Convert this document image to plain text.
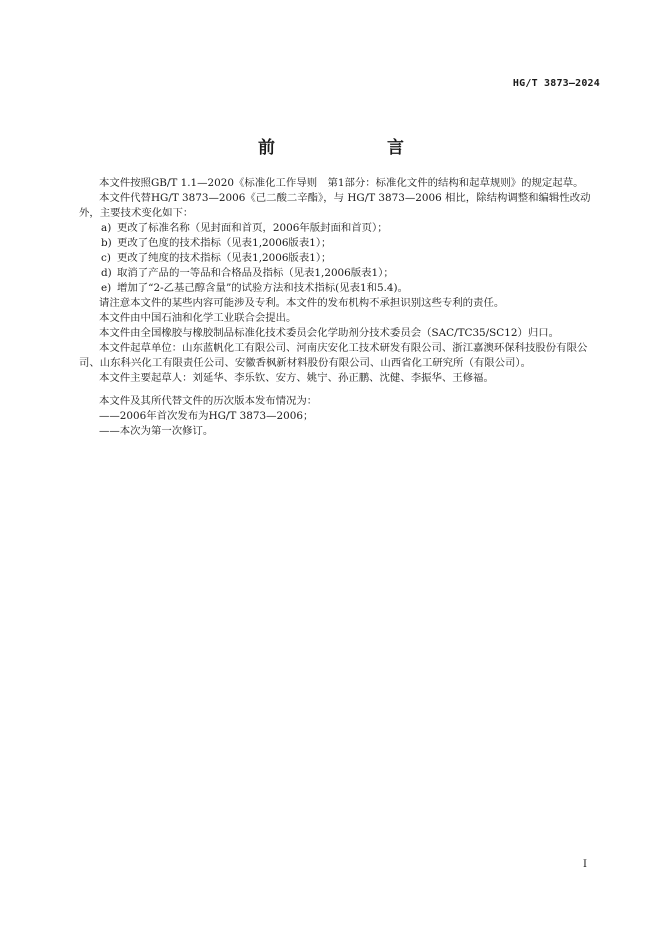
HG/T 3873—2024
前　　言

本文件按照GB/T 1.1—2020《标准化工作导则　第1部分：标准化文件的结构和起草规则》的规定起草。

本文件代替HG/T 3873—2006《己二酸二辛酯》，与 HG/T 3873—2006 相比，除结构调整和编辑性改动外，主要技术变化如下：

a) 更改了标准名称（见封面和首页，2006年版封面和首页）；

b) 更改了色度的技术指标（见表1,2006版表1）；

c) 更改了纯度的技术指标（见表1,2006版表1）；

d) 取消了产品的一等品和合格品及指标（见表1,2006版表1）；

e) 增加了“2-乙基己醇含量”的试验方法和技术指标(见表1和5.4)。

请注意本文件的某些内容可能涉及专利。本文件的发布机构不承担识别这些专利的责任。

本文件由中国石油和化学工业联合会提出。

本文件由全国橡胶与橡胶制品标准化技术委员会化学助剂分技术委员会（SAC/TC35/SC12）归口。

本文件起草单位：山东蓝帆化工有限公司、河南庆安化工技术研发有限公司、浙江嘉澳环保科技股份有限公司、山东科兴化工有限责任公司、安徽香枫新材料股份有限公司、山西省化工研究所（有限公司）。

本文件主要起草人：刘延华、李乐钦、安方、姚宁、孙正鹏、沈健、李振华、王修福。

本文件及其所代替文件的历次版本发布情况为：

——2006年首次发布为HG/T 3873—2006；

——本次为第一次修订。

I
